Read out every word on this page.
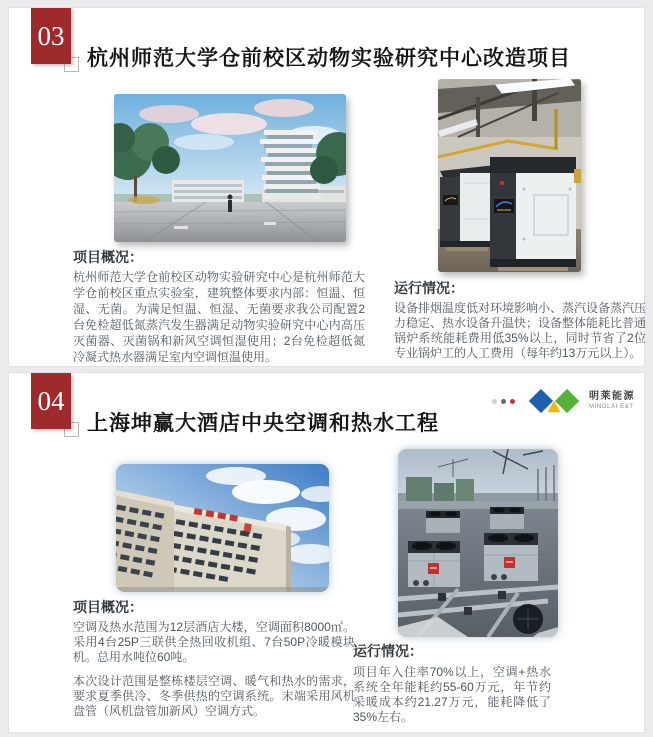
03
杭州师范大学仓前校区动物实验研究中心改造项目
项目概况：

杭州师范大学仓前校区动物实验研究中心是杭州师范大学仓前校区重点实验室，建筑整体要求内部：恒温、恒湿、无菌。为满足恒温、恒湿、无菌要求我公司配置2台免检超低氮蒸汽发生器满足动物实验研究中心内高压灭菌器、灭菌锅和新风空调恒湿使用；2台免检超低氮冷凝式热水器满足室内空调恒温使用。

运行情况：

设备排烟温度低对环境影响小、蒸汽设备蒸汽压力稳定、热水设备升温快；设备整体能耗比普通锅炉系统能耗费用低35%以上，同时节省了2位专业锅炉工的人工费用（每年约13万元以上）。

04
上海坤赢大酒店中央空调和热水工程
明莱能源
MINGLAI E&T
项目概况：

空调及热水范围为12层酒店大楼，空调面积8000㎡。采用4台25P三联供全热回收机组、7台50P冷暖模块机。总用水吨位60吨。

本次设计范围是整栋楼层空调、暖气和热水的需求，要求夏季供冷、冬季供热的空调系统。末端采用风机盘管（风机盘管加新风）空调方式。

运行情况：

项目年入住率70%以上，空调+热水系统全年能耗约55-60万元，年节约采暖成本约21.27万元，能耗降低了35%左右。
